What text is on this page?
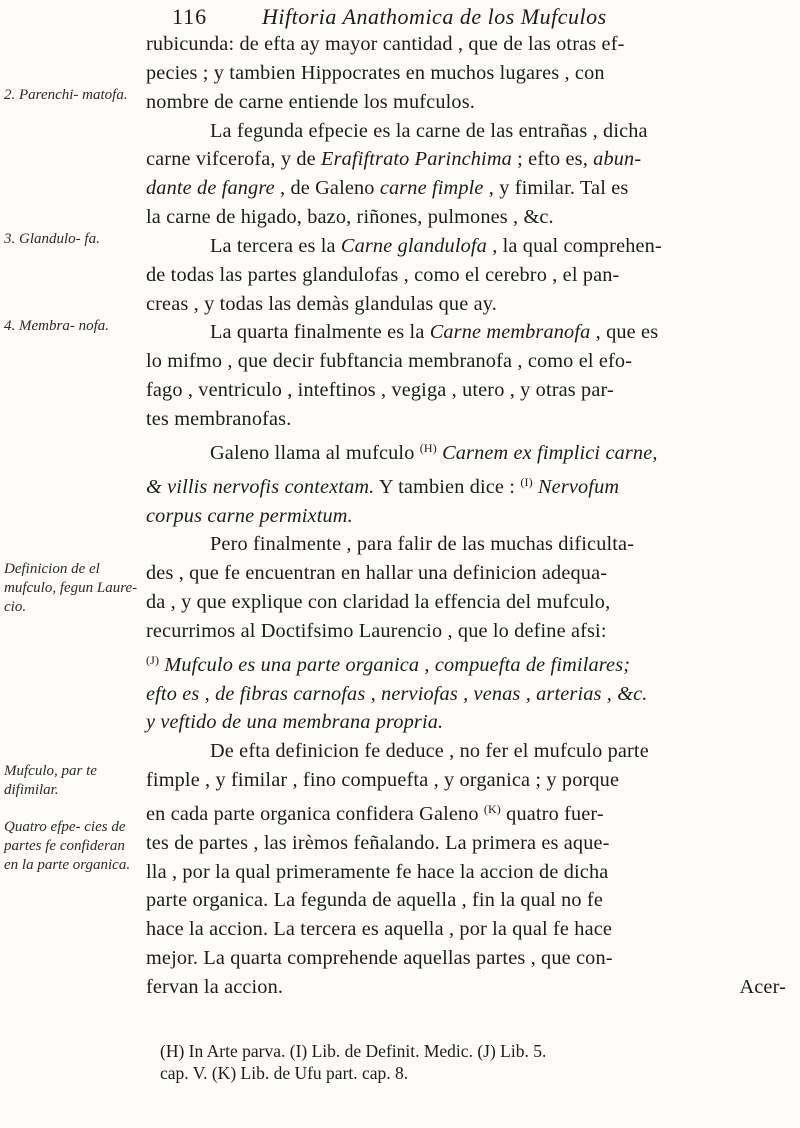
116 Hiftoria Anathomica de los Mufculos
2. Parenchi- matofa.
3. Glandulo- fa.
4. Membra- nofa.
Definicion de el mufculo, fegun Laure- cio.
Mufculo, par te difimilar.
Quatro efpe- cies de partes fe confideran en la parte organica.

rubicunda: de efta ay mayor cantidad , que de las otras ef-

pecies ; y tambien Hippocrates en muchos lugares , con

nombre de carne entiende los mufculos.

La fegunda efpecie es la carne de las entrañas , dicha

carne vifcerofa, y de Erafiftrato Parinchima ; efto es, abun-

dante de fangre , de Galeno carne fimple , y fimilar. Tal es

la carne de higado, bazo, riñones, pulmones , &c.

La tercera es la Carne glandulofa , la qual comprehen-

de todas las partes glandulofas , como el cerebro , el pan-

creas , y todas las demàs glandulas que ay.

La quarta finalmente es la Carne membranofa , que es

lo mifmo , que decir fubftancia membranofa , como el efo-

fago , ventriculo , inteftinos , vegiga , utero , y otras par-

tes membranofas.

Galeno llama al mufculo $^{(H)}$ Carnem ex fimplici carne,

& villis nervofis contextam. Y tambien dice : $^{(I)}$ Nervofum

corpus carne permixtum.

Pero finalmente , para falir de las muchas dificulta-

des , que fe encuentran en hallar una definicion adequa-

da , y que explique con claridad la effencia del mufculo,

recurrimos al Doctifsimo Laurencio , que lo define afsi:

$^{(J)}$ Mufculo es una parte organica , compuefta de fimilares;

efto es , de fibras carnofas , nerviofas , venas , arterias , &c.

y veftido de una membrana propria.

De efta definicion fe deduce , no fer el mufculo parte

fimple , y fimilar , fino compuefta , y organica ; y porque

en cada parte organica confidera Galeno $^{(K)}$ quatro fuer-

tes de partes , las irèmos feñalando. La primera es aque-

lla , por la qual primeramente fe hace la accion de dicha

parte organica. La fegunda de aquella , fin la qual no fe

hace la accion. La tercera es aquella , por la qual fe hace

mejor. La quarta comprehende aquellas partes , que con-

fervan la accion.	Acer-

(H) In Arte parva. (I) Lib. de Definit. Medic. (J) Lib. 5.

cap. V. (K) Lib. de Ufu part. cap. 8.
